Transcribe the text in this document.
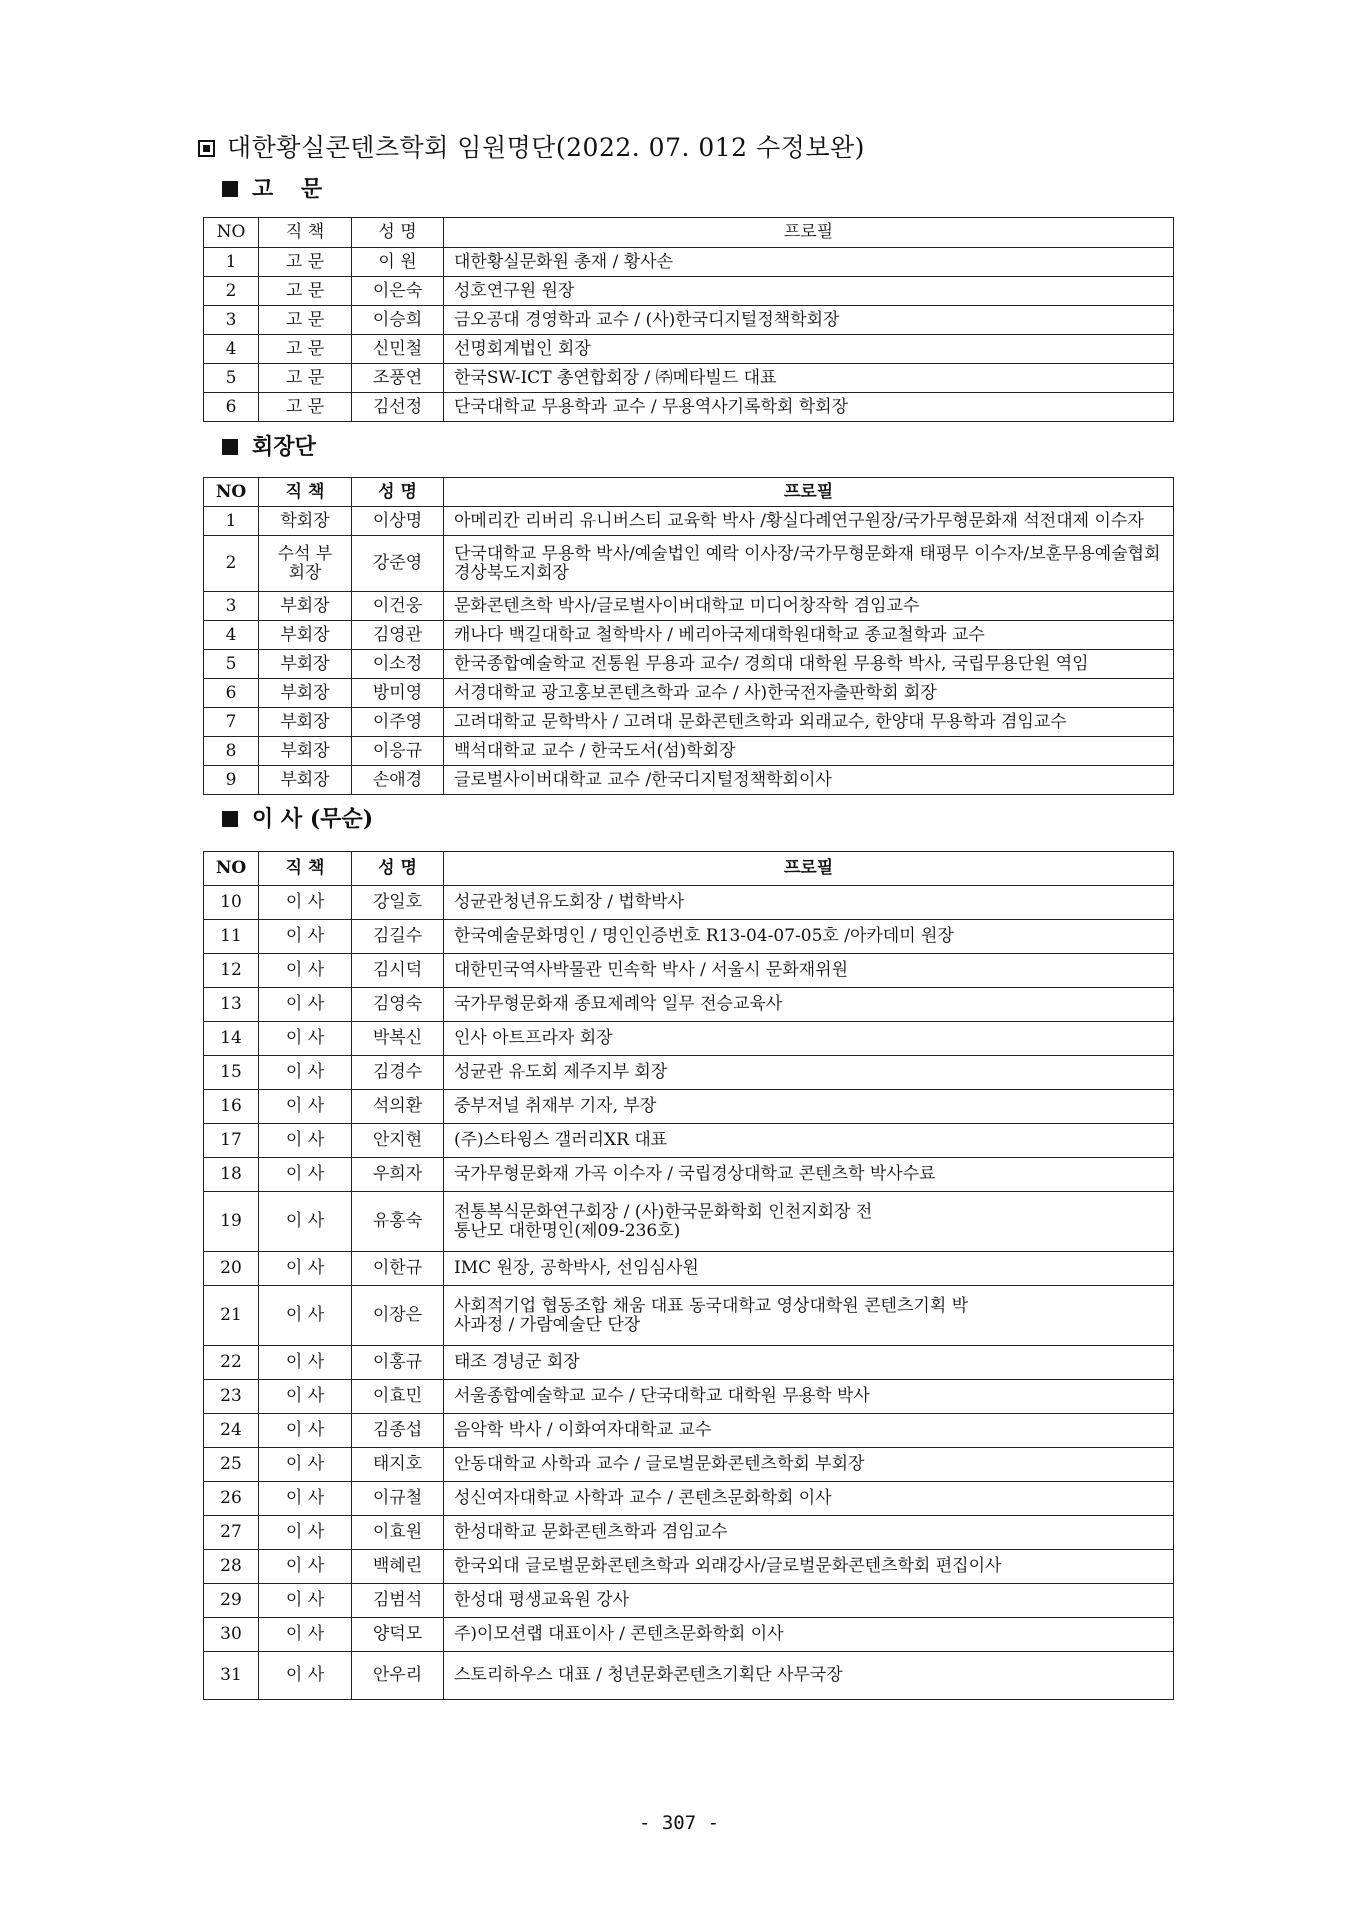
대한황실콘텐츠학회 임원명단(2022. 07. 012 수정보완)
고 문
NO	직 책	성 명	프로필
1	고 문	이 원	대한황실문화원 총재 / 황사손
2	고 문	이은숙	성호연구원 원장
3	고 문	이승희	금오공대 경영학과 교수 / (사)한국디지털정책학회장
4	고 문	신민철	선명회계법인 회장
5	고 문	조풍연	한국SW-ICT 총연합회장 / ㈜메타빌드 대표
6	고 문	김선정	단국대학교 무용학과 교수 / 무용역사기록학회 학회장
회장단
NO	직 책	성 명	프로필
1	학회장	이상명	아메리칸 리버리 유니버스티 교육학 박사 /황실다례연구원장/국가무형문화재 석전대제 이수자
2	수석 부회장	강준영	단국대학교 무용학 박사/예술법인 예락 이사장/국가무형문화재 태평무 이수자/보훈무용예술협회 경상북도지회장
3	부회장	이건웅	문화콘텐츠학 박사/글로벌사이버대학교 미디어창작학 겸임교수
4	부회장	김영관	캐나다 백길대학교 철학박사 / 베리아국제대학원대학교 종교철학과 교수
5	부회장	이소정	한국종합예술학교 전통원 무용과 교수/ 경희대 대학원 무용학 박사, 국립무용단원 역임
6	부회장	방미영	서경대학교 광고홍보콘텐츠학과 교수 / 사)한국전자출판학회 회장
7	부회장	이주영	고려대학교 문학박사 / 고려대 문화콘텐츠학과 외래교수, 한양대 무용학과 겸임교수
8	부회장	이응규	백석대학교 교수 / 한국도서(섬)학회장
9	부회장	손애경	글로벌사이버대학교 교수 /한국디지털정책학회이사
이 사 (무순)
NO	직 책	성 명	프로필
10	이 사	강일호	성균관청년유도회장 / 법학박사
11	이 사	김길수	한국예술문화명인 / 명인인증번호 R13-04-07-05호 /아카데미 원장
12	이 사	김시덕	대한민국역사박물관 민속학 박사 / 서울시 문화재위원
13	이 사	김영숙	국가무형문화재 종묘제례악 일무 전승교육사
14	이 사	박복신	인사 아트프라자 회장
15	이 사	김경수	성균관 유도회 제주지부 회장
16	이 사	석의환	중부저널 취재부 기자, 부장
17	이 사	안지현	(주)스타윙스 갤러리XR 대표
18	이 사	우희자	국가무형문화재 가곡 이수자 / 국립경상대학교 콘텐츠학 박사수료
19	이 사	유홍숙	전통복식문화연구회장 / (사)한국문화학회 인천지회장 전통난모 대한명인(제09-236호)
20	이 사	이한규	IMC 원장, 공학박사, 선임심사원
21	이 사	이장은	사회적기업 협동조합 채움 대표 동국대학교 영상대학원 콘텐츠기획 박사과정 / 가람예술단 단장
22	이 사	이홍규	태조 경녕군 회장
23	이 사	이효민	서울종합예술학교 교수 / 단국대학교 대학원 무용학 박사
24	이 사	김종섭	음악학 박사 / 이화여자대학교 교수
25	이 사	태지호	안동대학교 사학과 교수 / 글로벌문화콘텐츠학회 부회장
26	이 사	이규철	성신여자대학교 사학과 교수 / 콘텐츠문화학회 이사
27	이 사	이효원	한성대학교 문화콘텐츠학과 겸임교수
28	이 사	백혜린	한국외대 글로벌문화콘텐츠학과 외래강사/글로벌문화콘텐츠학회 편집이사
29	이 사	김범석	한성대 평생교육원 강사
30	이 사	양덕모	주)이모션랩 대표이사 / 콘텐츠문화학회 이사
31	이 사	안우리	스토리하우스 대표 / 청년문화콘텐츠기획단 사무국장
- 307 -
